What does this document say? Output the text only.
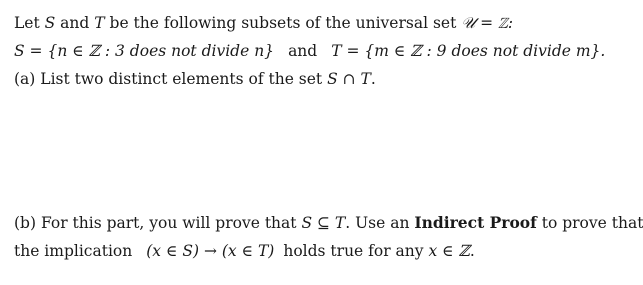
Let S and T be the following subsets of the universal set 𝒰 = ℤ:
S = {n ∈ ℤ : 3 does not divide n} and T = {m ∈ ℤ : 9 does not divide m}.
(a) List two distinct elements of the set S ∩ T.
(b) For this part, you will prove that S ⊆ T. Use an Indirect Proof to prove that
the implication (x ∈ S) → (x ∈ T) holds true for any x ∈ ℤ.
